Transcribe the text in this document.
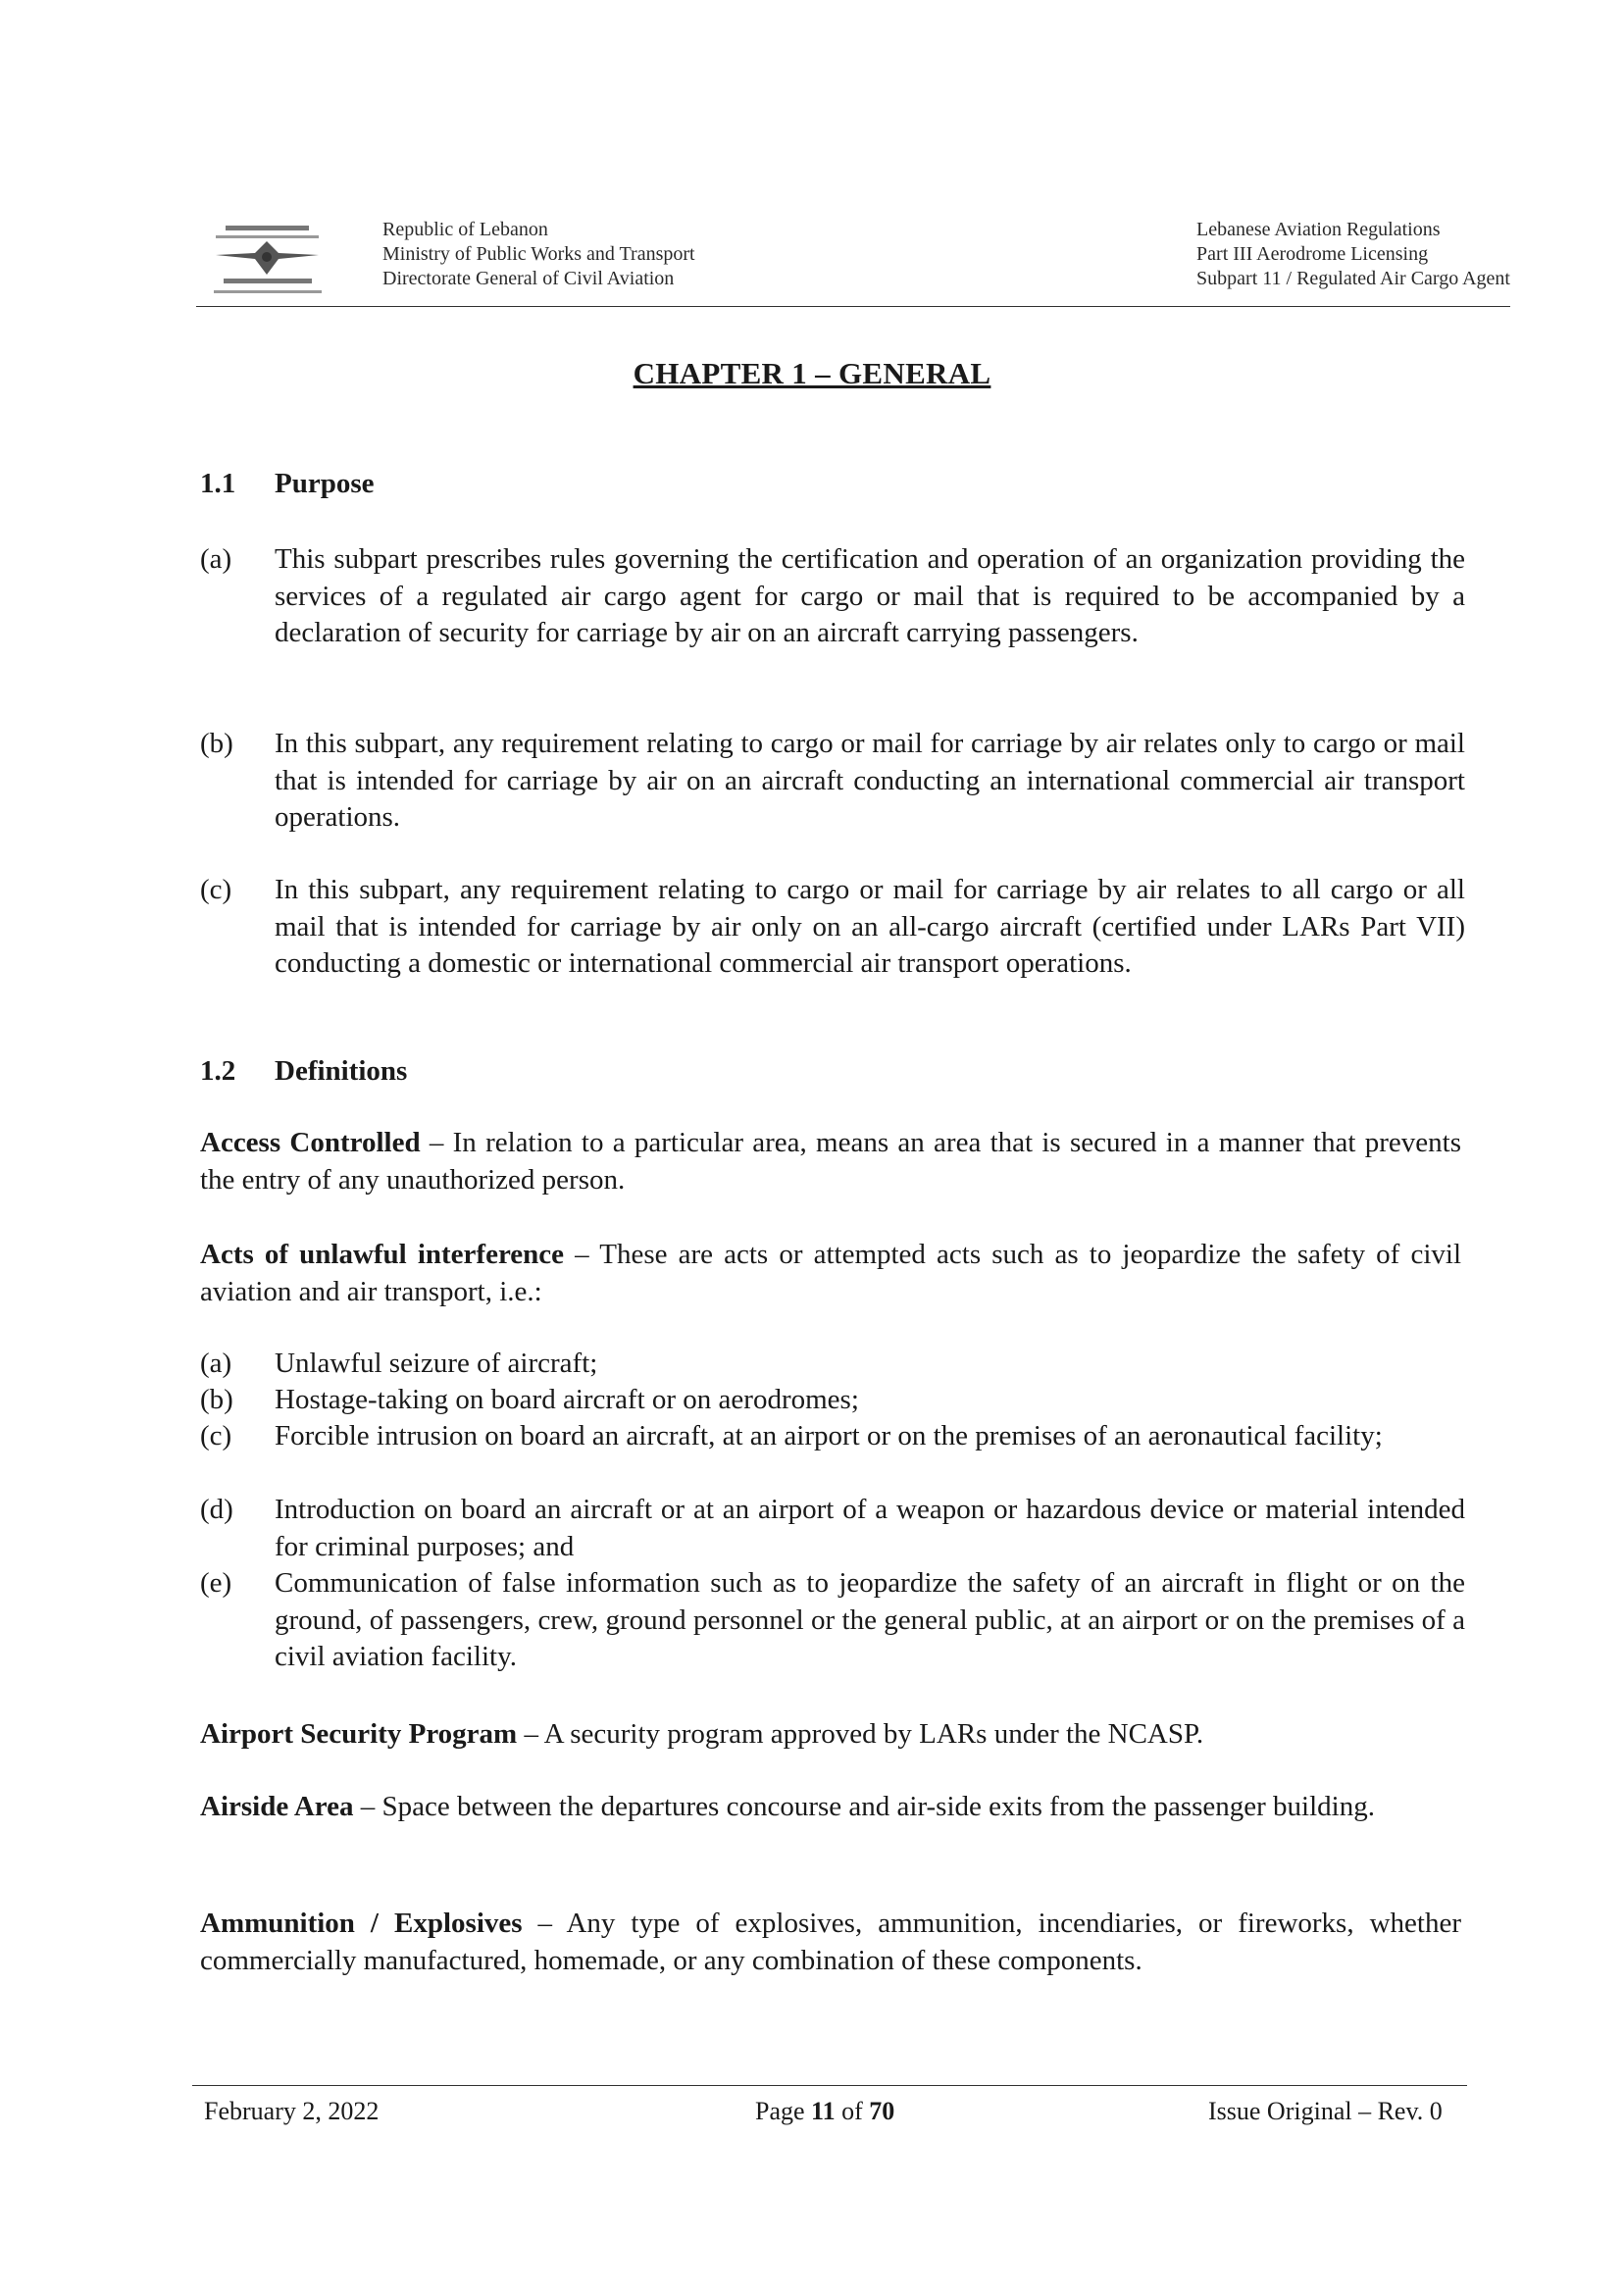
Republic of Lebanon
Ministry of Public Works and Transport
Directorate General of Civil Aviation
Lebanese Aviation Regulations
Part III Aerodrome Licensing
Subpart 11 / Regulated Air Cargo Agent
CHAPTER 1 – GENERAL
1.1 Purpose
(a) This subpart prescribes rules governing the certification and operation of an organization providing the services of a regulated air cargo agent for cargo or mail that is required to be accompanied by a declaration of security for carriage by air on an aircraft carrying passengers.
(b) In this subpart, any requirement relating to cargo or mail for carriage by air relates only to cargo or mail that is intended for carriage by air on an aircraft conducting an international commercial air transport operations.
(c) In this subpart, any requirement relating to cargo or mail for carriage by air relates to all cargo or all mail that is intended for carriage by air only on an all-cargo aircraft (certified under LARs Part VII) conducting a domestic or international commercial air transport operations.
1.2 Definitions
Access Controlled – In relation to a particular area, means an area that is secured in a manner that prevents the entry of any unauthorized person.
Acts of unlawful interference – These are acts or attempted acts such as to jeopardize the safety of civil aviation and air transport, i.e.:
(a) Unlawful seizure of aircraft;
(b) Hostage-taking on board aircraft or on aerodromes;
(c) Forcible intrusion on board an aircraft, at an airport or on the premises of an aeronautical facility;
(d) Introduction on board an aircraft or at an airport of a weapon or hazardous device or material intended for criminal purposes; and
(e) Communication of false information such as to jeopardize the safety of an aircraft in flight or on the ground, of passengers, crew, ground personnel or the general public, at an airport or on the premises of a civil aviation facility.
Airport Security Program – A security program approved by LARs under the NCASP.
Airside Area – Space between the departures concourse and air-side exits from the passenger building.
Ammunition / Explosives – Any type of explosives, ammunition, incendiaries, or fireworks, whether commercially manufactured, homemade, or any combination of these components.
February 2, 2022	Page 11 of 70	Issue Original – Rev. 0
